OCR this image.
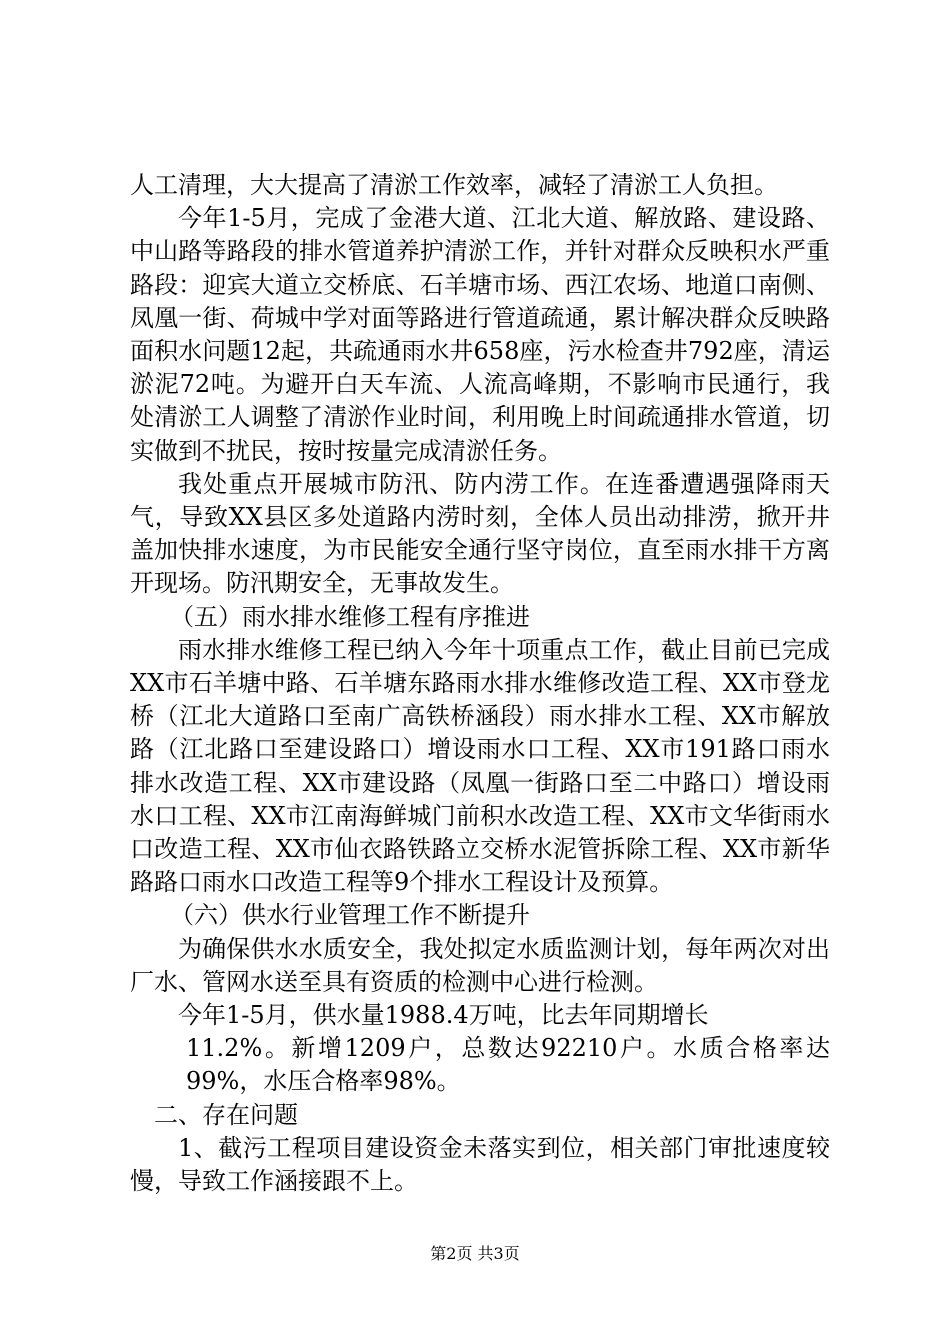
人工清理，大大提高了清淤工作效率，减轻了清淤工人负担。

今年1-5月，完成了金港大道、江北大道、解放路、建设路、中山路等路段的排水管道养护清淤工作，并针对群众反映积水严重路段：迎宾大道立交桥底、石羊塘市场、西江农场、地道口南侧、凤凰一街、荷城中学对面等路进行管道疏通，累计解决群众反映路面积水问题12起，共疏通雨水井658座，污水检查井792座，清运淤泥72吨。为避开白天车流、人流高峰期，不影响市民通行，我处清淤工人调整了清淤作业时间，利用晚上时间疏通排水管道，切实做到不扰民，按时按量完成清淤任务。

我处重点开展城市防汛、防内涝工作。在连番遭遇强降雨天气，导致XX县区多处道路内涝时刻，全体人员出动排涝，掀开井盖加快排水速度，为市民能安全通行坚守岗位，直至雨水排干方离开现场。防汛期安全，无事故发生。

（五）雨水排水维修工程有序推进

雨水排水维修工程已纳入今年十项重点工作，截止目前已完成XX市石羊塘中路、石羊塘东路雨水排水维修改造工程、XX市登龙桥（江北大道路口至南广高铁桥涵段）雨水排水工程、XX市解放路（江北路口至建设路口）增设雨水口工程、XX市191路口雨水排水改造工程、XX市建设路（凤凰一街路口至二中路口）增设雨水口工程、XX市江南海鲜城门前积水改造工程、XX市文华街雨水口改造工程、XX市仙衣路铁路立交桥水泥管拆除工程、XX市新华路路口雨水口改造工程等9个排水工程设计及预算。

（六）供水行业管理工作不断提升

为确保供水水质安全，我处拟定水质监测计划，每年两次对出厂水、管网水送至具有资质的检测中心进行检测。

今年1-5月，供水量1988.4万吨，比去年同期增长

11.2%。新增1209户，总数达92210户。水质合格率达99%，水压合格率98%。

二、存在问题

1、截污工程项目建设资金未落实到位，相关部门审批速度较慢，导致工作涵接跟不上。

第2页 共3页
